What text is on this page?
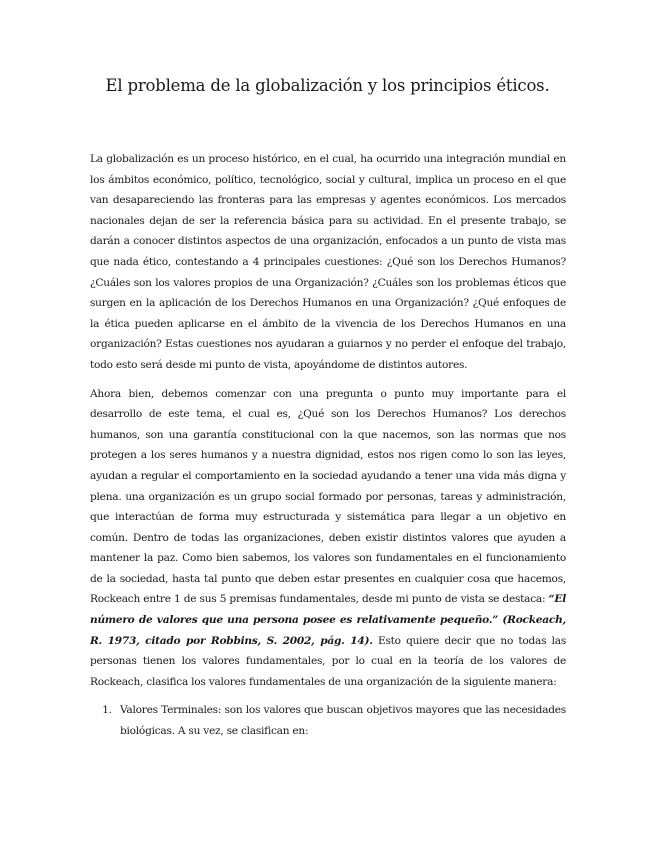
El problema de la globalización y los principios éticos.

La globalización es un proceso histórico, en el cual, ha ocurrido una integración mundial en los ámbitos económico, político, tecnológico, social y cultural, implica un proceso en el que van desapareciendo las fronteras para las empresas y agentes económicos. Los mercados nacionales dejan de ser la referencia básica para su actividad. En el presente trabajo, se darán a conocer distintos aspectos de una organización, enfocados a un punto de vista mas que nada ético, contestando a 4 principales cuestiones: ¿Qué son los Derechos Humanos? ¿Cuáles son los valores propios de una Organización? ¿Cuáles son los problemas éticos que surgen en la aplicación de los Derechos Humanos en una Organización? ¿Qué enfoques de la ética pueden aplicarse en el ámbito de la vivencia de los Derechos Humanos en una organización? Estas cuestiones nos ayudaran a guiarnos y no perder el enfoque del trabajo, todo esto será desde mi punto de vista, apoyándome de distintos autores.

Ahora bien, debemos comenzar con una pregunta o punto muy importante para el desarrollo de este tema, el cual es, ¿Qué son los Derechos Humanos? Los derechos humanos, son una garantía constitucional con la que nacemos, son las normas que nos protegen a los seres humanos y a nuestra dignidad, estos nos rigen como lo son las leyes, ayudan a regular el comportamiento en la sociedad ayudando a tener una vida más digna y plena. una organización es un grupo social formado por personas, tareas y administración, que interactúan de forma muy estructurada y sistemática para llegar a un objetivo en común. Dentro de todas las organizaciones, deben existir distintos valores que ayuden a mantener la paz. Como bien sabemos, los valores son fundamentales en el funcionamiento de la sociedad, hasta tal punto que deben estar presentes en cualquier cosa que hacemos, Rockeach entre 1 de sus 5 premisas fundamentales, desde mi punto de vista se destaca: “El número de valores que una persona posee es relativamente pequeño.” (Rockeach, R. 1973, citado por Robbins, S. 2002, pág. 14). Esto quiere decir que no todas las personas tienen los valores fundamentales, por lo cual en la teoría de los valores de Rockeach, clasifica los valores fundamentales de una organización de la siguiente manera:

1. Valores Terminales: son los valores que buscan objetivos mayores que las necesidades biológicas. A su vez, se clasifican en:
